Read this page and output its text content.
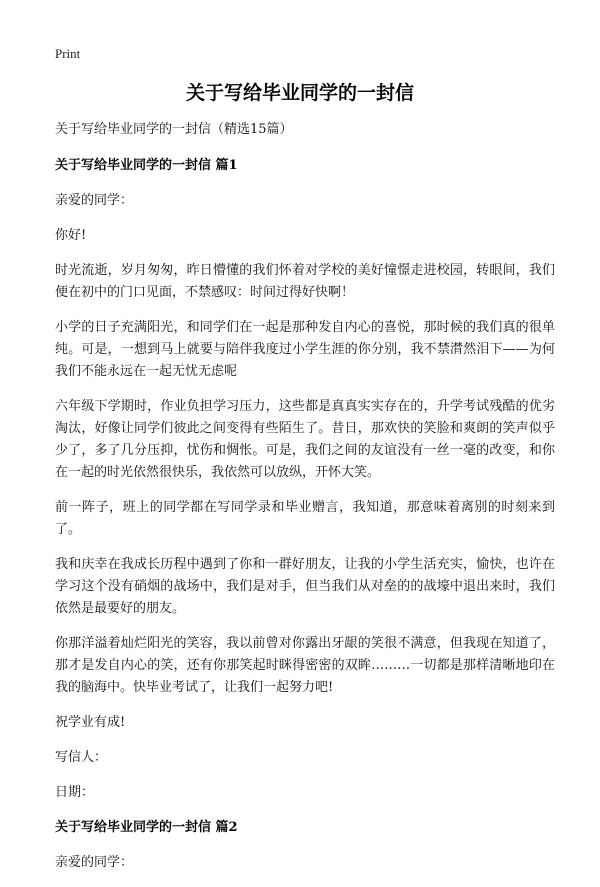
Print
关于写给毕业同学的一封信

关于写给毕业同学的一封信（精选15篇）

关于写给毕业同学的一封信 篇1

亲爱的同学：

你好!

时光流逝，岁月匆匆，昨日懵懂的我们怀着对学校的美好憧憬走进校园，转眼间，我们便在初中的门口见面，不禁感叹：时间过得好快啊！

小学的日子充满阳光，和同学们在一起是那种发自内心的喜悦，那时候的我们真的很单纯。可是，一想到马上就要与陪伴我度过小学生涯的你分别，我不禁潸然泪下——为何我们不能永远在一起无忧无虑呢

六年级下学期时，作业负担学习压力，这些都是真真实实存在的，升学考试残酷的优劣淘汰，好像让同学们彼此之间变得有些陌生了。昔日，那欢快的笑脸和爽朗的笑声似乎少了，多了几分压抑，忧伤和惆怅。可是，我们之间的友谊没有一丝一毫的改变，和你在一起的时光依然很快乐，我依然可以放纵，开怀大笑。

前一阵子，班上的同学都在写同学录和毕业赠言，我知道，那意味着离别的时刻来到了。

我和庆幸在我成长历程中遇到了你和一群好朋友，让我的小学生活充实，愉快，也许在学习这个没有硝烟的战场中，我们是对手，但当我们从对垒的的战壕中退出来时，我们依然是最要好的朋友。

你那洋溢着灿烂阳光的笑容，我以前曾对你露出牙龈的笑很不满意，但我现在知道了，那才是发自内心的笑，还有你那笑起时眯得密密的双眸………一切都是那样清晰地印在我的脑海中。快毕业考试了，让我们一起努力吧!

祝学业有成!

写信人：

日期：

关于写给毕业同学的一封信 篇2

亲爱的同学：
